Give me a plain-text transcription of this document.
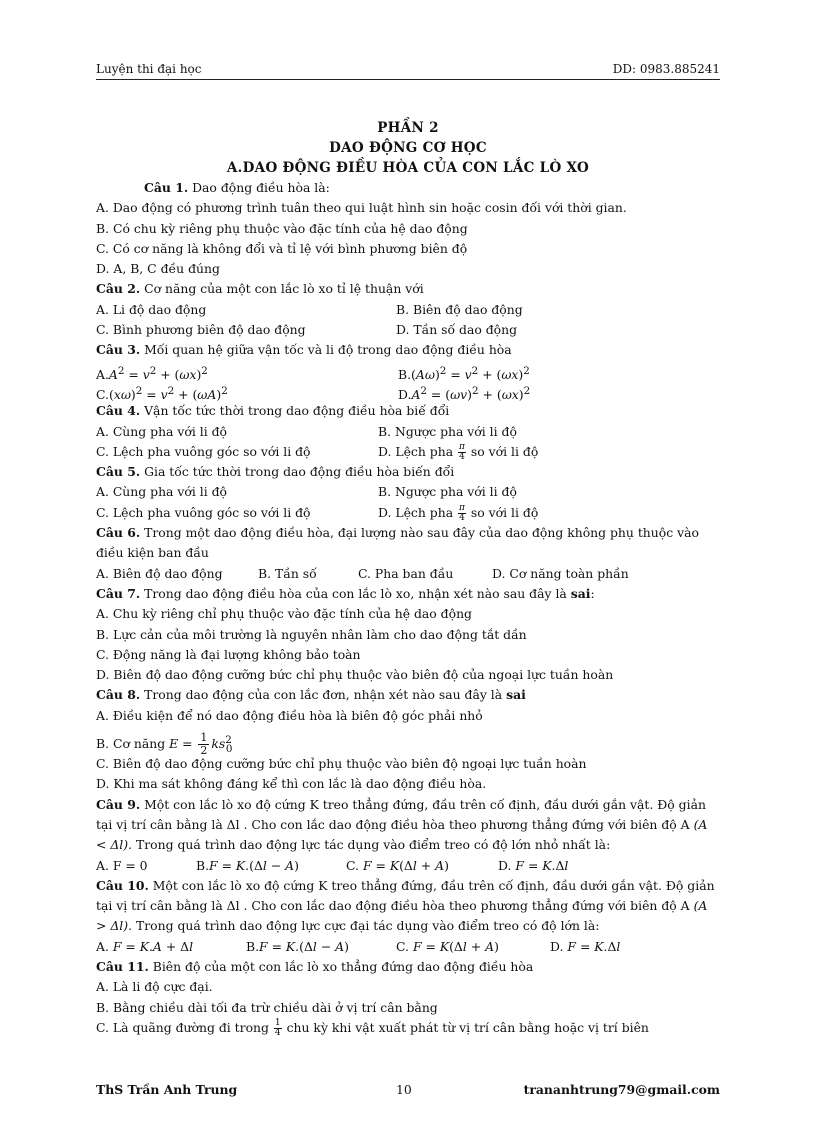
Luyện thi đại học	DD: 0983.885241
PHẦN 2
DAO ĐỘNG CƠ HỌC
A.DAO ĐỘNG ĐIỀU HÒA CỦA CON LẮC LÒ XO
Câu 1. Dao động điều hòa là:
A. Dao động có phương trình tuân theo qui luật hình sin hoặc cosin đối với thời gian.
B. Có chu kỳ riêng phụ thuộc vào đặc tính của hệ dao động
C. Có cơ năng là không đổi và tỉ lệ với bình phương biên độ
D. A, B, C đều đúng
Câu 2. Cơ năng của một con lắc lò xo tỉ lệ thuận với
A. Li độ dao động	B. Biên độ dao động
C. Bình phương biên độ dao động	D. Tần số dao động
Câu 3. Mối quan hệ giữa vận tốc và li độ trong dao động điều hòa
$A.A^2 = v^2 + (\omega x)^2$	$B.(A\omega)^2 = v^2 + (\omega x)^2$
$C.(x\omega)^2 = v^2 + (\omega A)^2$	$D.A^2 = (\omega v)^2 + (\omega x)^2$
Câu 4. Vận tốc tức thời trong dao động điều hòa biế đổi
A. Cùng pha với li độ	B. Ngược pha với li độ
C. Lệch pha vuông góc so với li độ	D. Lệch pha $\frac{\pi}{4}$ so với li độ
Câu 5. Gia tốc tức thời trong dao động điều hòa biến đổi
A. Cùng pha với li độ	B. Ngược pha với li độ
C. Lệch pha vuông góc so với li độ	D. Lệch pha $\frac{\pi}{4}$ so với li độ
Câu 6. Trong một dao động điều hòa, đại lượng nào sau đây của dao động không phụ thuộc vào điều kiện ban đầu
A. Biên độ dao động	B. Tần số	C. Pha ban đầu	D. Cơ năng toàn phần
Câu 7. Trong dao động điều hòa của con lắc lò xo, nhận xét nào sau đây là sai:
A. Chu kỳ riêng chỉ phụ thuộc vào đặc tính của hệ dao động
B. Lực cản của môi trường là nguyên nhân làm cho dao động tắt dần
C. Động năng là đại lượng không bảo toàn
D. Biên độ dao động cưỡng bức chỉ phụ thuộc vào biên độ của ngoại lực tuần hoàn
Câu 8. Trong dao động của con lắc đơn, nhận xét nào sau đây là sai
A. Điều kiện để nó dao động điều hòa là biên độ góc phải nhỏ
B. Cơ năng $E = \frac{1}{2} ks^2_0$
C. Biên độ dao động cưỡng bức chỉ phụ thuộc vào biên độ ngoại lực tuần hoàn
D. Khi ma sát không đáng kể thì con lắc là dao động điều hòa.
Câu 9. Một con lắc lò xo độ cứng K treo thẳng đứng, đầu trên cố định, đầu dưới gắn vật. Độ giản tại vị trí cân bằng là Δl . Cho con lắc dao động điều hòa theo phương thẳng đứng với biên độ A (A < Δl). Trong quá trình dao động lực tác dụng vào điểm treo có độ lớn nhỏ nhất là:
A. F = 0	B.F = K.(Δl − A)	C. F = K(Δl + A)	D. F = K.Δl
Câu 10. Một con lắc lò xo độ cứng K treo thẳng đứng, đầu trên cố định, đầu dưới gắn vật. Độ giản tại vị trí cân bằng là Δl . Cho con lắc dao động điều hòa theo phương thẳng đứng với biên độ A (A > Δl). Trong quá trình dao động lực cực đại tác dụng vào điểm treo có độ lớn là:
A. F = K.A + Δl	B.F = K.(Δl − A)	C. F = K(Δl + A)	D. F = K.Δl
Câu 11. Biên độ của một con lắc lò xo thẳng đứng dao động điều hòa
A. Là li độ cực đại.
B. Bằng chiều dài tối đa trừ chiều dài ở vị trí cân bằng
C. Là quãng đường đi trong $\frac{1}{4}$ chu kỳ khi vật xuất phát từ vị trí cân bằng hoặc vị trí biên
ThS Trần Anh Trung	10	trananhtrung79@gmail.com
